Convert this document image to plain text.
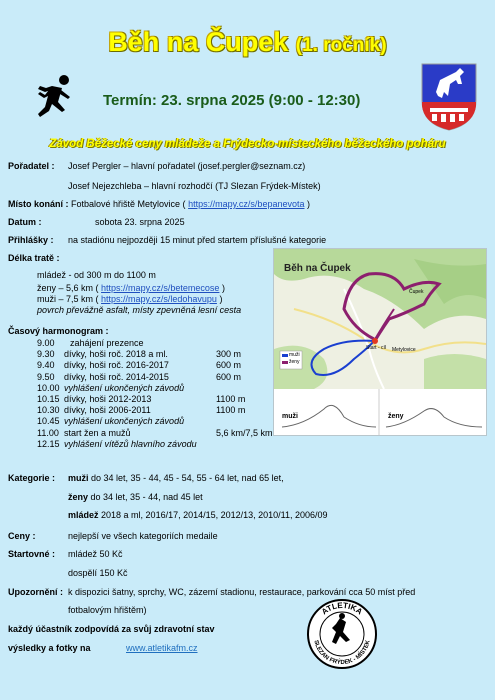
Běh na Čupek (1. ročník)
Termín: 23. srpna 2025 (9:00 - 12:30)
Závod Běžecké ceny mládeže a Frýdecko-místeckého běžeckého poháru
Pořadatel : Josef Pergler – hlavní pořadatel (josef.pergler@seznam.cz)
Josef Nejezchleba – hlavní rozhodčí (TJ Slezan Frýdek-Místek)
Místo konání : Fotbalové hřiště Metylovice ( https://mapy.cz/s/bepanevota )
Datum :	sobota 23. srpna 2025
Přihlášky : na stadiónu nejpozději 15 minut před startem příslušné kategorie
Délka tratě :
mládež - od 300 m do 1100 m
ženy – 5,6 km ( https://mapy.cz/s/betemecose )
muži – 7,5 km ( https://mapy.cz/s/ledohavupu )
povrch převážně asfalt, místy zpevněná lesní cesta
Časový harmonogram :
9.00 zahájení prezence
9.30 dívky, hoši roč. 2018 a ml.	300 m
9.40 dívky, hoši roč. 2016-2017	600 m
9.50 dívky, hoši roč. 2014-2015	600 m
10.00 vyhlášení ukončených závodů
10.15 dívky, hoši 2012-2013	1100 m
10.30 dívky, hoši 2006-2011	1100 m
10.45 vyhlášení ukončených závodů
11.00 start žen a mužů	5,6 km/7,5 km
12.15 vyhlášení vítězů hlavního závodu
Běh na Čupek
muži
ženy
Čupek
Start - cíl Metylovice
muži	ženy
Kategorie : muži do 34 let, 35 - 44, 45 - 54, 55 - 64 let, nad 65 let,
ženy do 34 let, 35 - 44, nad 45 let
mládež 2018 a ml, 2016/17, 2014/15, 2012/13, 2010/11, 2006/09
Ceny :	nejlepší ve všech kategoriích medaile
Startovné : mládež 50 Kč
dospělí 150 Kč
Upozornění : k dispozici šatny, sprchy, WC, zázemí stadionu, restaurace, parkování cca 50 míst před
fotbalovým hřištěm)
každý účastník zodpovídá za svůj zdravotní stav
výsledky a fotky na	www.atletikafm.cz
ATLETIKA
SLEZAN FRÝDEK - MÍSTEK
